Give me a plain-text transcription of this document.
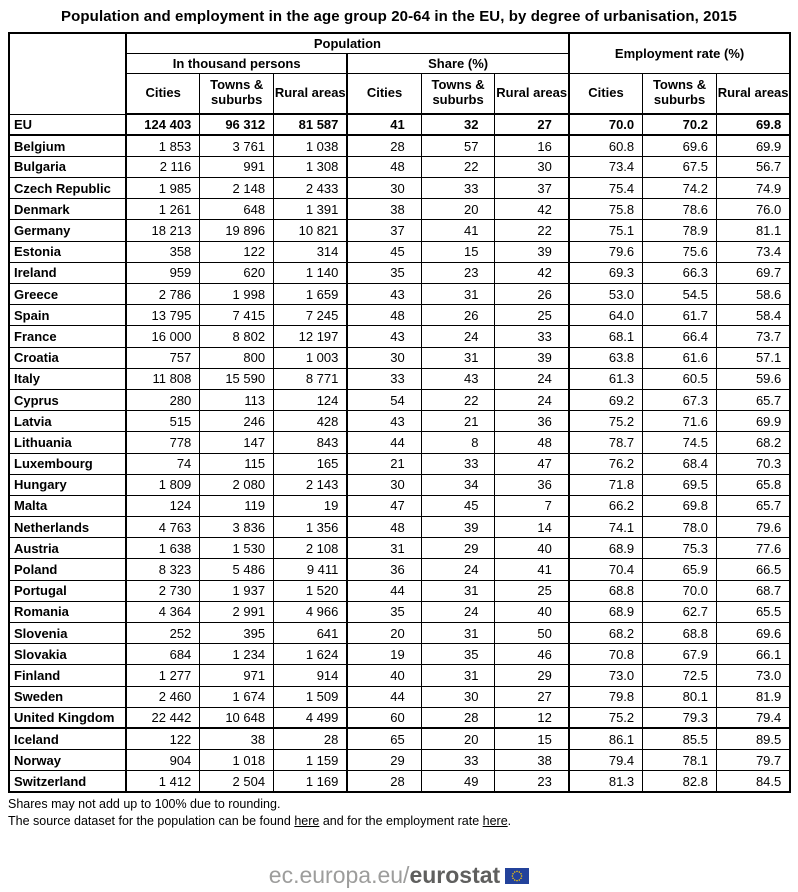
Population and employment in the age group 20-64 in the EU, by degree of urbanisation, 2015
	Population						Employment rate (%)		
	In thousand persons			Share (%)					
	Cities	Towns & suburbs	Rural areas	Cities	Towns & suburbs	Rural areas	Cities	Towns & suburbs	Rural areas
EU	124 403	96 312	81 587	41	32	27	70.0	70.2	69.8
Belgium	1 853	3 761	1 038	28	57	16	60.8	69.6	69.9
Bulgaria	2 116	991	1 308	48	22	30	73.4	67.5	56.7
Czech Republic	1 985	2 148	2 433	30	33	37	75.4	74.2	74.9
Denmark	1 261	648	1 391	38	20	42	75.8	78.6	76.0
Germany	18 213	19 896	10 821	37	41	22	75.1	78.9	81.1
Estonia	358	122	314	45	15	39	79.6	75.6	73.4
Ireland	959	620	1 140	35	23	42	69.3	66.3	69.7
Greece	2 786	1 998	1 659	43	31	26	53.0	54.5	58.6
Spain	13 795	7 415	7 245	48	26	25	64.0	61.7	58.4
France	16 000	8 802	12 197	43	24	33	68.1	66.4	73.7
Croatia	757	800	1 003	30	31	39	63.8	61.6	57.1
Italy	11 808	15 590	8 771	33	43	24	61.3	60.5	59.6
Cyprus	280	113	124	54	22	24	69.2	67.3	65.7
Latvia	515	246	428	43	21	36	75.2	71.6	69.9
Lithuania	778	147	843	44	8	48	78.7	74.5	68.2
Luxembourg	74	115	165	21	33	47	76.2	68.4	70.3
Hungary	1 809	2 080	2 143	30	34	36	71.8	69.5	65.8
Malta	124	119	19	47	45	7	66.2	69.8	65.7
Netherlands	4 763	3 836	1 356	48	39	14	74.1	78.0	79.6
Austria	1 638	1 530	2 108	31	29	40	68.9	75.3	77.6
Poland	8 323	5 486	9 411	36	24	41	70.4	65.9	66.5
Portugal	2 730	1 937	1 520	44	31	25	68.8	70.0	68.7
Romania	4 364	2 991	4 966	35	24	40	68.9	62.7	65.5
Slovenia	252	395	641	20	31	50	68.2	68.8	69.6
Slovakia	684	1 234	1 624	19	35	46	70.8	67.9	66.1
Finland	1 277	971	914	40	31	29	73.0	72.5	73.0
Sweden	2 460	1 674	1 509	44	30	27	79.8	80.1	81.9
United Kingdom	22 442	10 648	4 499	60	28	12	75.2	79.3	79.4
Iceland	122	38	28	65	20	15	86.1	85.5	89.5
Norway	904	1 018	1 159	29	33	38	79.4	78.1	79.7
Switzerland	1 412	2 504	1 169	28	49	23	81.3	82.8	84.5

Shares may not add up to 100% due to rounding.

The source dataset for the population can be found here and for the employment rate here.

ec.europa.eu/eurostat
